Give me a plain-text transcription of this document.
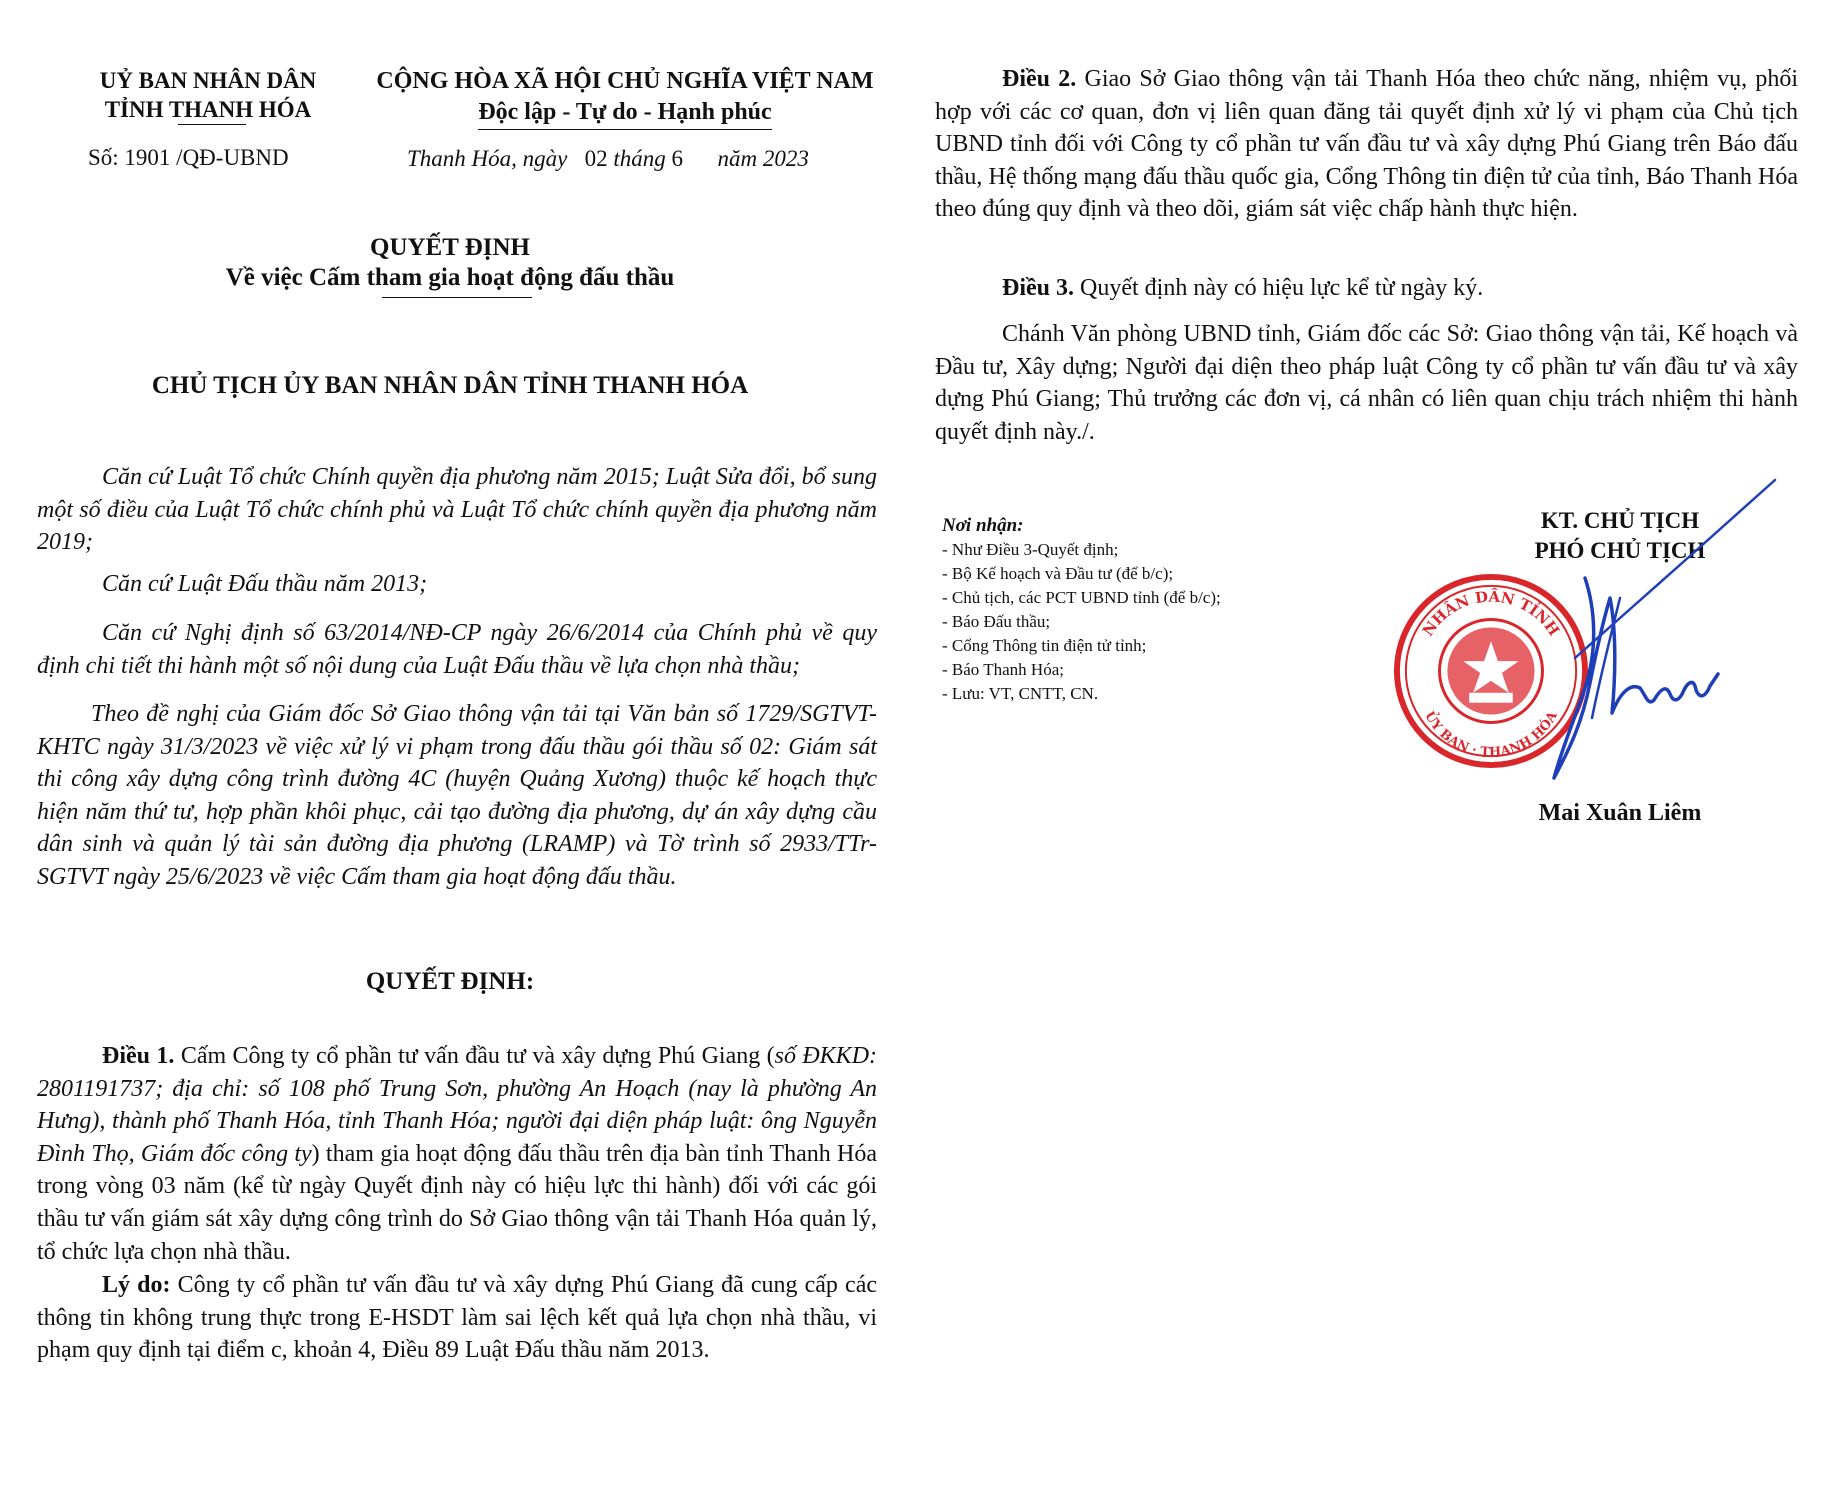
UỶ BAN NHÂN DÂN
TỈNH THANH HÓA
CỘNG HÒA XÃ HỘI CHỦ NGHĨA VIỆT NAM
Độc lập - Tự do - Hạnh phúc
Số: 1901 /QĐ-UBND	Thanh Hóa, ngày 02 tháng 6 năm 2023
QUYẾT ĐỊNH
Về việc Cấm tham gia hoạt động đấu thầu
CHỦ TỊCH ỦY BAN NHÂN DÂN TỈNH THANH HÓA

Căn cứ Luật Tổ chức Chính quyền địa phương năm 2015; Luật Sửa đổi, bổ sung một số điều của Luật Tổ chức chính phủ và Luật Tổ chức chính quyền địa phương năm 2019;

Căn cứ Luật Đấu thầu năm 2013;

Căn cứ Nghị định số 63/2014/NĐ-CP ngày 26/6/2014 của Chính phủ về quy định chi tiết thi hành một số nội dung của Luật Đấu thầu về lựa chọn nhà thầu;

Theo đề nghị của Giám đốc Sở Giao thông vận tải tại Văn bản số 1729/SGTVT-KHTC ngày 31/3/2023 về việc xử lý vi phạm trong đấu thầu gói thầu số 02: Giám sát thi công xây dựng công trình đường 4C (huyện Quảng Xương) thuộc kế hoạch thực hiện năm thứ tư, hợp phần khôi phục, cải tạo đường địa phương, dự án xây dựng cầu dân sinh và quản lý tài sản đường địa phương (LRAMP) và Tờ trình số 2933/TTr-SGTVT ngày 25/6/2023 về việc Cấm tham gia hoạt động đấu thầu.

QUYẾT ĐỊNH:

Điều 1. Cấm Công ty cổ phần tư vấn đầu tư và xây dựng Phú Giang (số ĐKKD: 2801191737; địa chỉ: số 108 phố Trung Sơn, phường An Hoạch (nay là phường An Hưng), thành phố Thanh Hóa, tỉnh Thanh Hóa; người đại diện pháp luật: ông Nguyễn Đình Thọ, Giám đốc công ty) tham gia hoạt động đấu thầu trên địa bàn tỉnh Thanh Hóa trong vòng 03 năm (kể từ ngày Quyết định này có hiệu lực thi hành) đối với các gói thầu tư vấn giám sát xây dựng công trình do Sở Giao thông vận tải Thanh Hóa quản lý, tổ chức lựa chọn nhà thầu.

Lý do: Công ty cổ phần tư vấn đầu tư và xây dựng Phú Giang đã cung cấp các thông tin không trung thực trong E-HSDT làm sai lệch kết quả lựa chọn nhà thầu, vi phạm quy định tại điểm c, khoản 4, Điều 89 Luật Đấu thầu năm 2013.

Điều 2. Giao Sở Giao thông vận tải Thanh Hóa theo chức năng, nhiệm vụ, phối hợp với các cơ quan, đơn vị liên quan đăng tải quyết định xử lý vi phạm của Chủ tịch UBND tỉnh đối với Công ty cổ phần tư vấn đầu tư và xây dựng Phú Giang trên Báo đấu thầu, Hệ thống mạng đấu thầu quốc gia, Cổng Thông tin điện tử của tỉnh, Báo Thanh Hóa theo đúng quy định và theo dõi, giám sát việc chấp hành thực hiện.

Điều 3. Quyết định này có hiệu lực kể từ ngày ký.

Chánh Văn phòng UBND tỉnh, Giám đốc các Sở: Giao thông vận tải, Kế hoạch và Đầu tư, Xây dựng; Người đại diện theo pháp luật Công ty cổ phần tư vấn đầu tư và xây dựng Phú Giang; Thủ trưởng các đơn vị, cá nhân có liên quan chịu trách nhiệm thi hành quyết định này./.

Nơi nhận:
- Như Điều 3-Quyết định;
- Bộ Kế hoạch và Đầu tư (để b/c);
- Chủ tịch, các PCT UBND tỉnh (để b/c);
- Báo Đấu thầu;
- Cổng Thông tin điện tử tỉnh;
- Báo Thanh Hóa;
- Lưu: VT, CNTT, CN.
KT. CHỦ TỊCH
PHÓ CHỦ TỊCH
NHÂN DÂN TỈNH
ỦY BAN · THANH HÓA
Mai Xuân Liêm
